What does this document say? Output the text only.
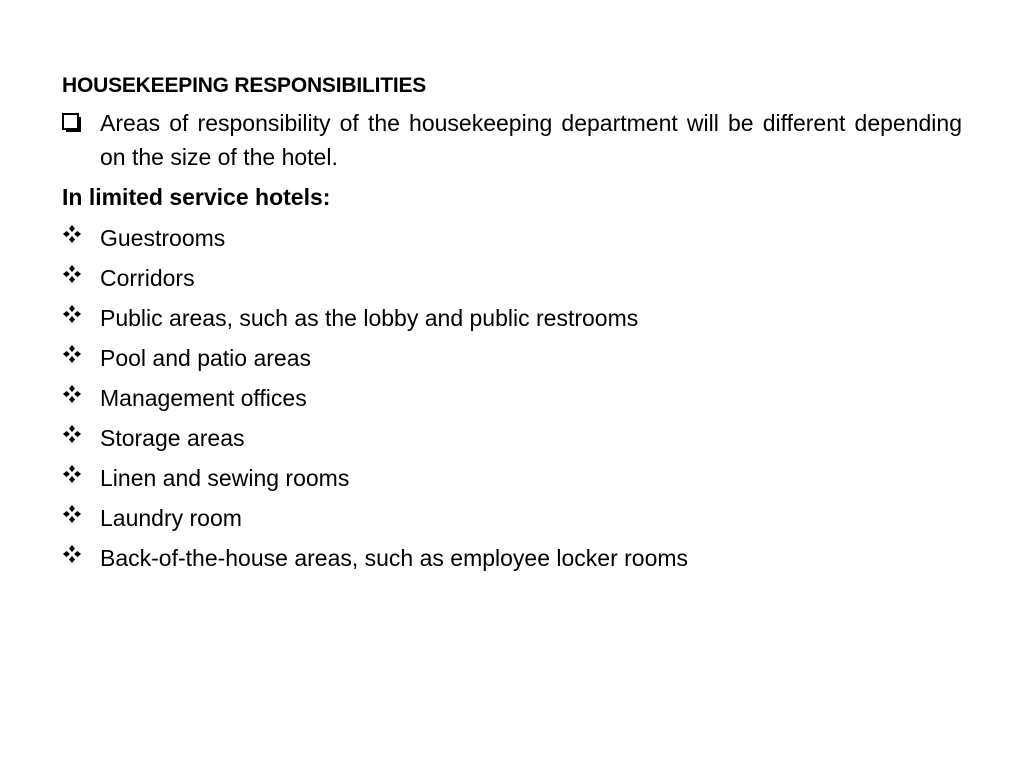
HOUSEKEEPING RESPONSIBILITIES

Areas of responsibility of the housekeeping department will be different depending on the size of the hotel.
In limited service hotels:
Guestrooms
Corridors
Public areas, such as the lobby and public restrooms
Pool and patio areas
Management offices
Storage areas
Linen and sewing rooms
Laundry room
Back-of-the-house areas, such as employee locker rooms
